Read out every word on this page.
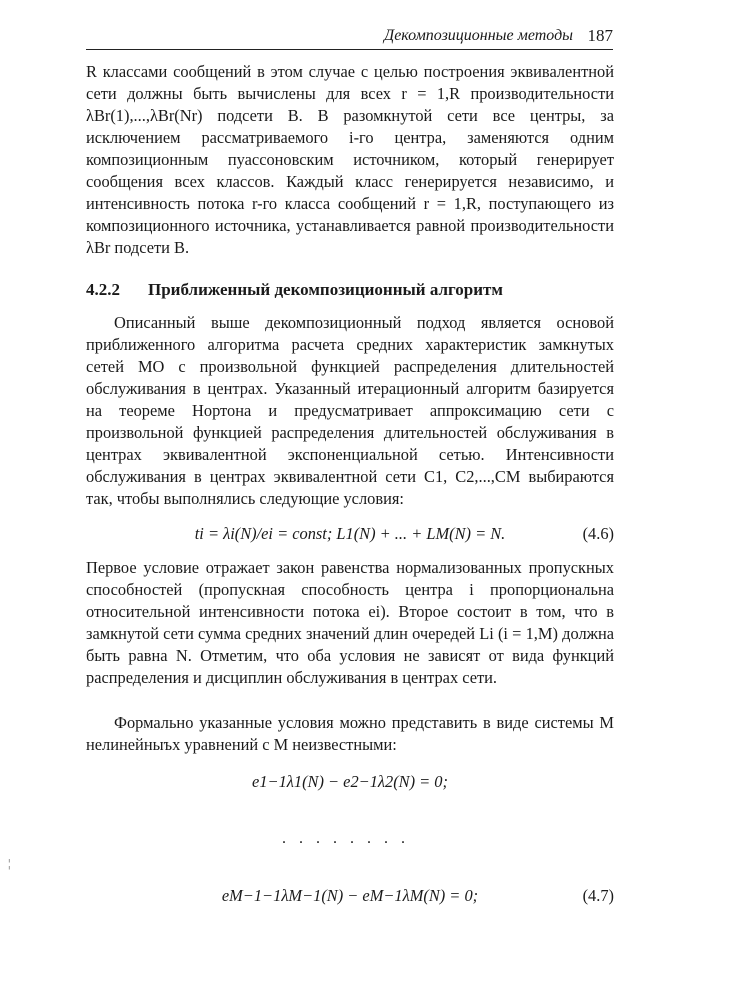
Декомпозиционные методы 187

R классами сообщений в этом случае с целью построения эквивалентной сети должны быть вычислены для всех r = 1,R производительности λBr(1),...,λBr(Nr) подсети B. В разомкнутой сети все центры, за исключением рассматриваемого i-го центра, заменяются одним композиционным пуассоновским источником, который генерирует сообщения всех классов. Каждый класс генерируется независимо, и интенсивность потока r-го класса сообщений r = 1,R, поступающего из композиционного источника, устанавливается равной производительности λBr подсети B.

4.2.2 Приближенный декомпозиционный алгоритм

Описанный выше декомпозиционный подход является основой приближенного алгоритма расчета средних характеристик замкнутых сетей МО с произвольной функцией распределения длительностей обслуживания в центрах. Указанный итерационный алгоритм базируется на теореме Нортона и предусматривает аппроксимацию сети с произвольной функцией распределения длительностей обслуживания в центрах эквивалентной экспоненциальной сетью. Интенсивности обслуживания в центрах эквивалентной сети C1, C2,...,CM выбираются так, чтобы выполнялись следующие условия:

ti = λi(N)/ei = const; L1(N) + ... + LM(N) = N.	(4.6)

Первое условие отражает закон равенства нормализованных пропускных способностей (пропускная способность центра i пропорциональна относительной интенсивности потока ei). Второе состоит в том, что в замкнутой сети сумма средних значений длин очередей Li (i = 1,M) должна быть равна N. Отметим, что оба условия не зависят от вида функций распределения и дисциплин обслуживания в центрах сети.

Формально указанные условия можно представить в виде системы M нелинейныъх уравнений с M неизвестными:

e1−1λ1(N) − e2−1λ2(N) = 0;
........
eM−1−1λM−1(N) − eM−1λM(N) = 0;	(4.7)
¦
